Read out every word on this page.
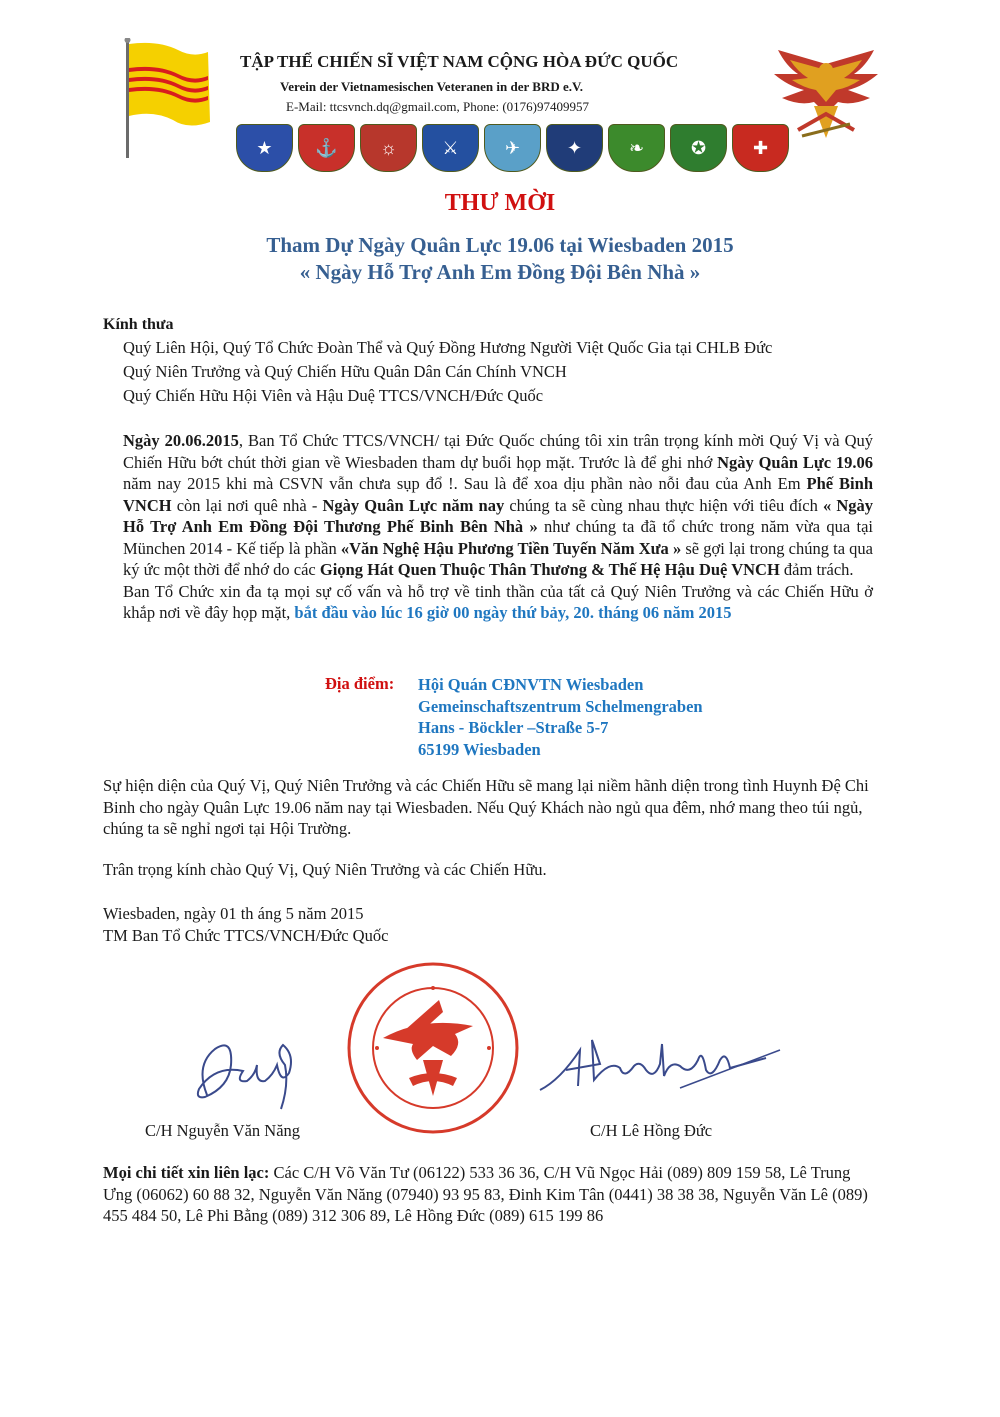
TẬP THỂ CHIẾN SĨ VIỆT NAM CỘNG HÒA ĐỨC QUỐC
Verein der Vietnamesischen Veteranen in der BRD e.V.
E-Mail: ttcsvnch.dq@gmail.com, Phone: (0176)97409957
★	⚓	☼	⚔	✈	✦	❧	✪	✚
THƯ MỜI
Tham Dự Ngày Quân Lực 19.06 tại Wiesbaden 2015
« Ngày Hỗ Trợ Anh Em Đồng Đội Bên Nhà »
Kính thưa
Quý Liên Hội, Quý Tổ Chức Đoàn Thể và Quý Đồng Hương Người Việt Quốc Gia tại CHLB Đức
Quý Niên Trưởng và Quý Chiến Hữu Quân Dân Cán Chính VNCH
Quý Chiến Hữu Hội Viên và Hậu Duệ TTCS/VNCH/Đức Quốc
Ngày 20.06.2015, Ban Tổ Chức TTCS/VNCH/ tại Đức Quốc chúng tôi xin trân trọng kính mời Quý Vị và Quý Chiến Hữu bớt chút thời gian về Wiesbaden tham dự buổi họp mặt. Trước là để ghi nhớ Ngày Quân Lực 19.06 năm nay 2015 khi mà CSVN vẫn chưa sụp đổ !. Sau là để xoa dịu phần nào nỗi đau của Anh Em Phế Binh VNCH còn lại nơi quê nhà - Ngày Quân Lực năm nay chúng ta sẽ cùng nhau thực hiện với tiêu đích « Ngày Hỗ Trợ Anh Em Đồng Đội Thương Phế Binh Bên Nhà » như chúng ta đã tổ chức trong năm vừa qua tại München 2014 - Kế tiếp là phần «Văn Nghệ Hậu Phương Tiền Tuyến Năm Xưa » sẽ gợi lại trong chúng ta qua ký ức một thời để nhớ do các Giọng Hát Quen Thuộc Thân Thương & Thế Hệ Hậu Duệ VNCH đảm trách.
Ban Tổ Chức xin đa tạ mọi sự cố vấn và hỗ trợ về tinh thần của tất cả Quý Niên Trưởng và các Chiến Hữu ở khắp nơi về đây họp mặt, bắt đầu vào lúc 16 giờ 00 ngày thứ bảy, 20. tháng 06 năm 2015
Địa điểm: Hội Quán CĐNVTN Wiesbaden
Gemeinschaftszentrum Schelmengraben
Hans - Böckler –Straße 5-7
65199 Wiesbaden
Sự hiện diện của Quý Vị, Quý Niên Trưởng và các Chiến Hữu sẽ mang lại niềm hãnh diện trong tình Huynh Đệ Chi Binh cho ngày Quân Lực 19.06 năm nay tại Wiesbaden. Nếu Quý Khách nào ngủ qua đêm, nhớ mang theo túi ngủ, chúng ta sẽ nghỉ ngơi tại Hội Trường.
Trân trọng kính chào Quý Vị, Quý Niên Trưởng và các Chiến Hữu.
Wiesbaden, ngày 01 th áng 5 năm 2015
TM Ban Tổ Chức TTCS/VNCH/Đức Quốc
C/H Nguyễn Văn Năng	C/H Lê Hồng Đức
Mọi chi tiết xin liên lạc: Các C/H Võ Văn Tư (06122) 533 36 36, C/H Vũ Ngọc Hải (089) 809 159 58, Lê Trung Ưng (06062) 60 88 32, Nguyễn Văn Năng (07940) 93 95 83, Đinh Kim Tân (0441) 38 38 38, Nguyễn Văn Lê (089) 455 484 50, Lê Phi Bằng (089) 312 306 89, Lê Hồng Đức (089) 615 199 86
